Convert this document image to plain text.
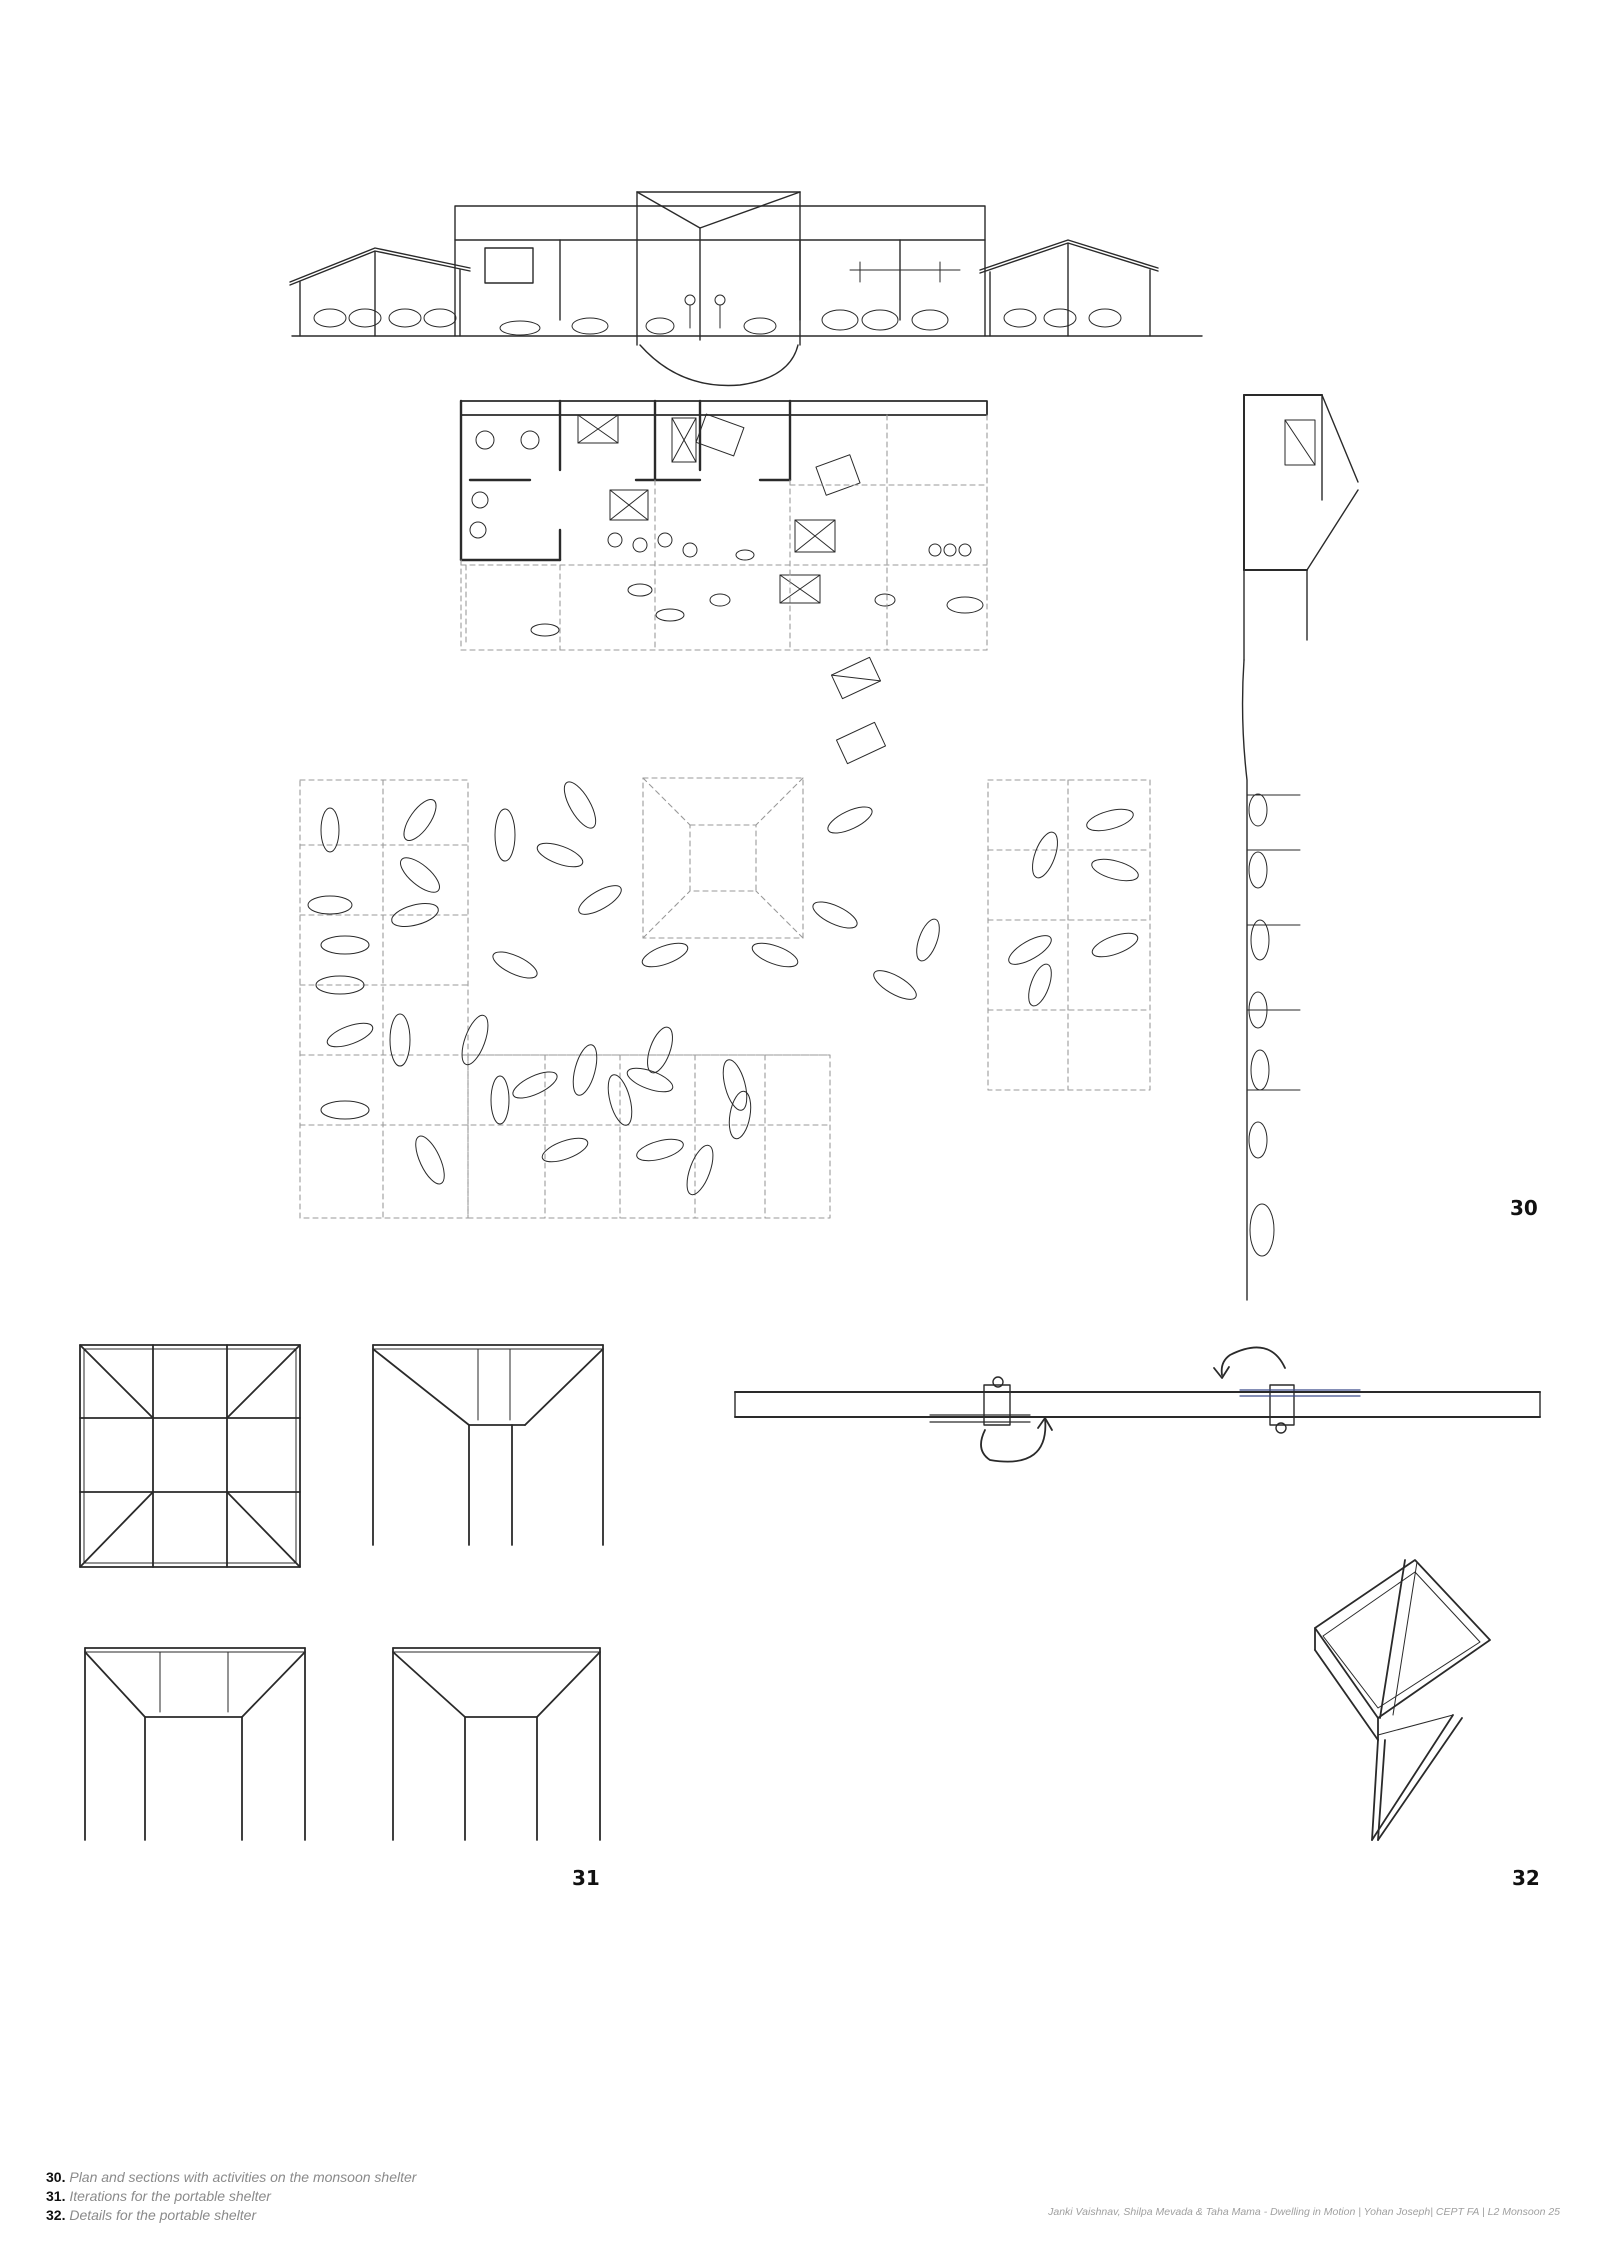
30
31	32
30. Plan and sections with activities on the monsoon shelter
31. Iterations for the portable shelter
32. Details for the portable shelter	Janki Vaishnav, Shilpa Mevada & Taha Mama - Dwelling in Motion | Yohan Joseph| CEPT FA | L2 Monsoon 25
